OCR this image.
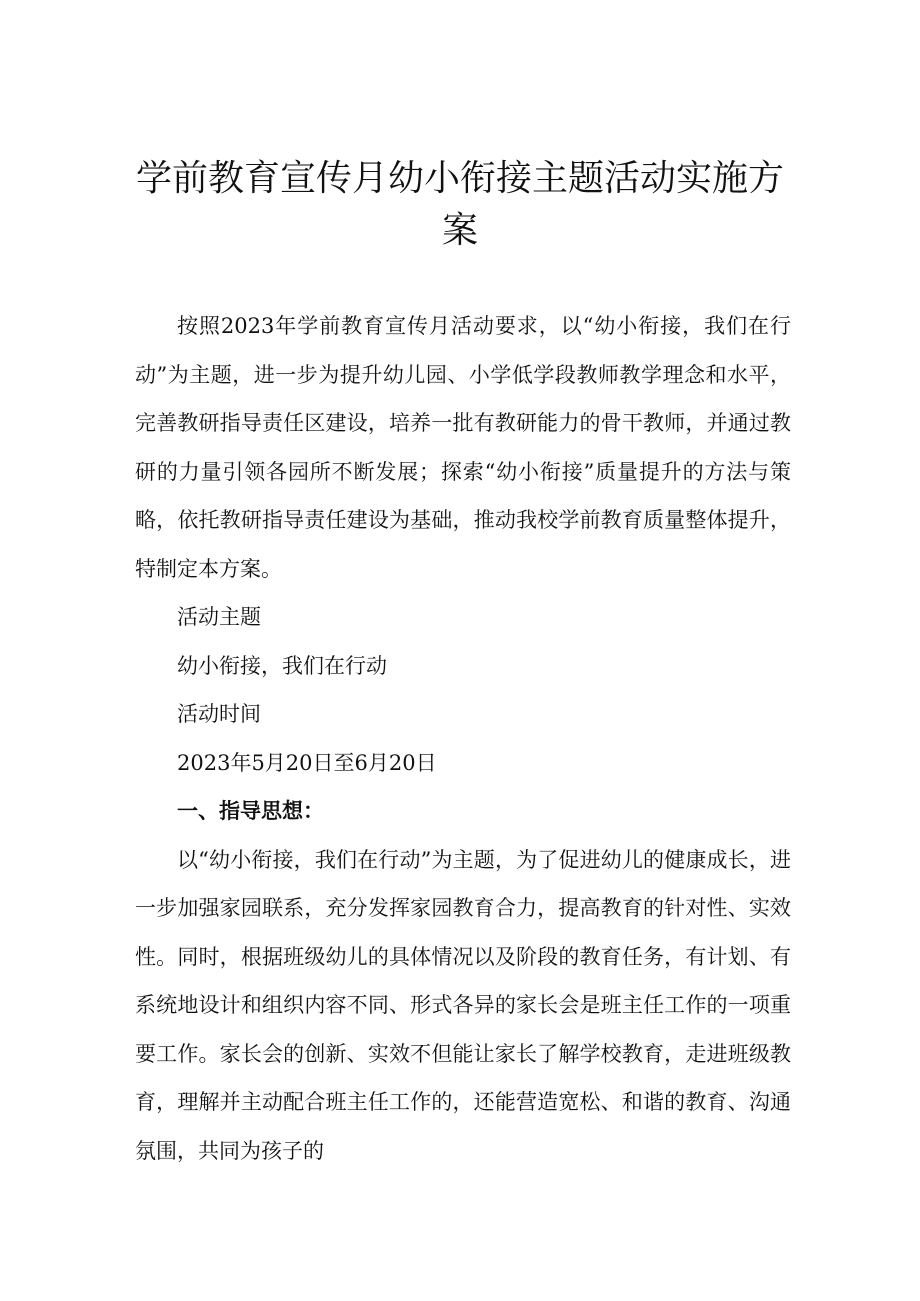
学前教育宣传月幼小衔接主题活动实施方案

按照2023年学前教育宣传月活动要求，以“幼小衔接，我们在行动”为主题，进一步为提升幼儿园、小学低学段教师教学理念和水平，完善教研指导责任区建设，培养一批有教研能力的骨干教师，并通过教研的力量引领各园所不断发展；探索“幼小衔接”质量提升的方法与策略，依托教研指导责任建设为基础，推动我校学前教育质量整体提升，特制定本方案。

活动主题

幼小衔接，我们在行动

活动时间

2023年5月20日至6月20日

一、指导思想：

以“幼小衔接，我们在行动”为主题，为了促进幼儿的健康成长，进一步加强家园联系，充分发挥家园教育合力，提高教育的针对性、实效性。同时，根据班级幼儿的具体情况以及阶段的教育任务，有计划、有系统地设计和组织内容不同、形式各异的家长会是班主任工作的一项重要工作。家长会的创新、实效不但能让家长了解学校教育，走进班级教育，理解并主动配合班主任工作的，还能营造宽松、和谐的教育、沟通氛围，共同为孩子的
